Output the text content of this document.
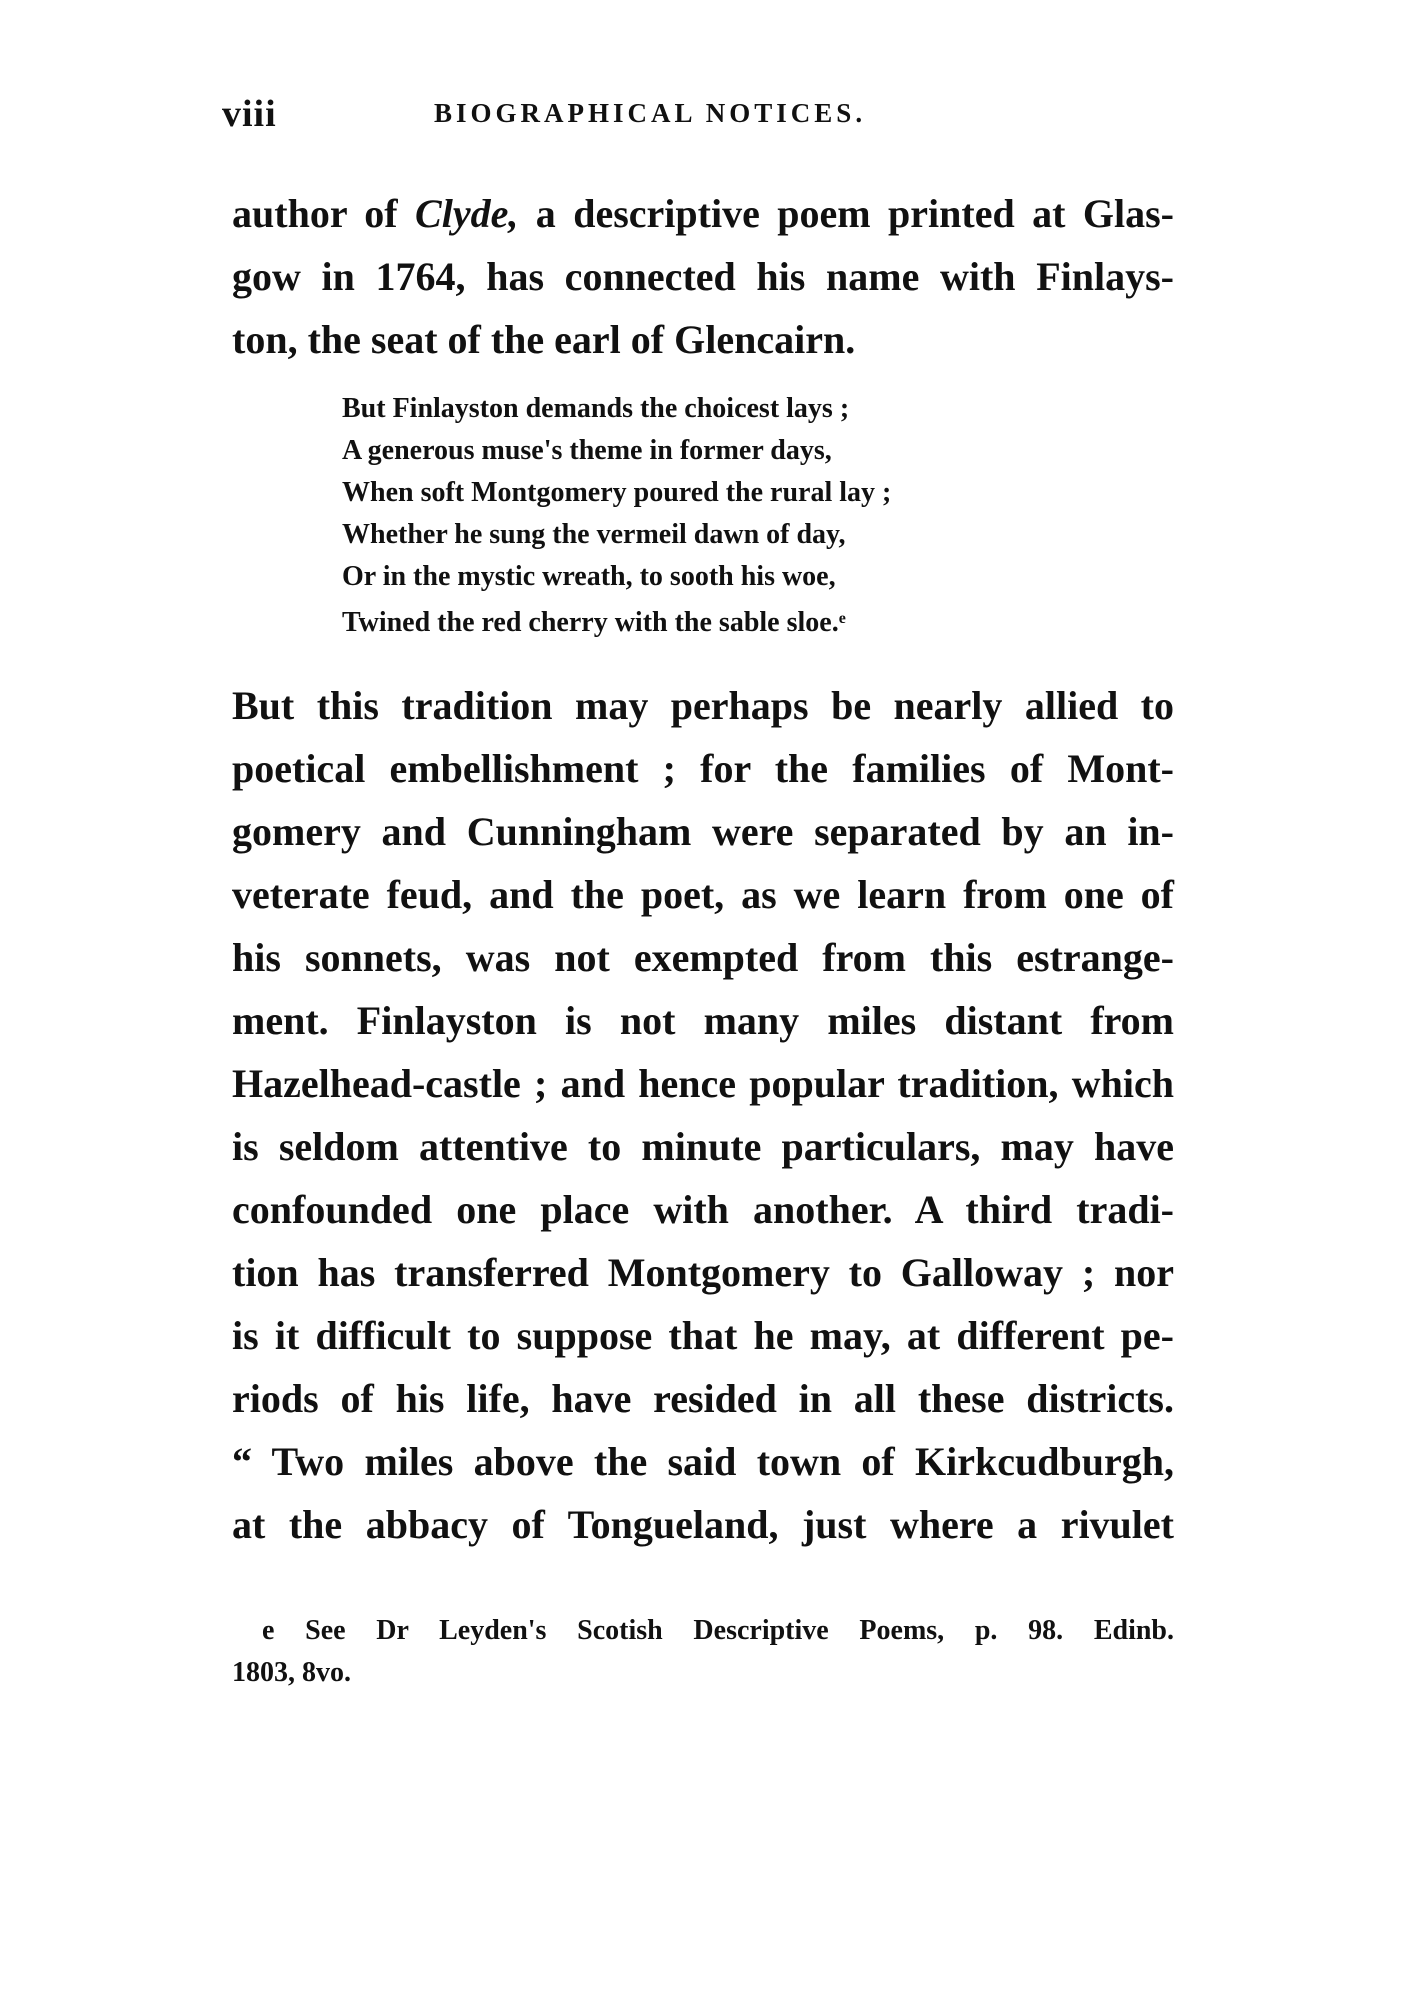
viii	BIOGRAPHICAL NOTICES.
author of Clyde, a descriptive poem printed at Glas-
gow in 1764, has connected his name with Finlays-
ton, the seat of the earl of Glencairn.
But Finlayston demands the choicest lays ;
A generous muse's theme in former days,
When soft Montgomery poured the rural lay ;
Whether he sung the vermeil dawn of day,
Or in the mystic wreath, to sooth his woe,
Twined the red cherry with the sable sloe.$^e$
But this tradition may perhaps be nearly allied to
poetical embellishment ; for the families of Mont-
gomery and Cunningham were separated by an in-
veterate feud, and the poet, as we learn from one of
his sonnets, was not exempted from this estrange-
ment. Finlayston is not many miles distant from
Hazelhead-castle ; and hence popular tradition, which
is seldom attentive to minute particulars, may have
confounded one place with another. A third tradi-
tion has transferred Montgomery to Galloway ; nor
is it difficult to suppose that he may, at different pe-
riods of his life, have resided in all these districts.
“ Two miles above the said town of Kirkcudburgh,
at the abbacy of Tongueland, just where a rivulet
e See Dr Leyden's Scotish Descriptive Poems, p. 98. Edinb.
1803, 8vo.
